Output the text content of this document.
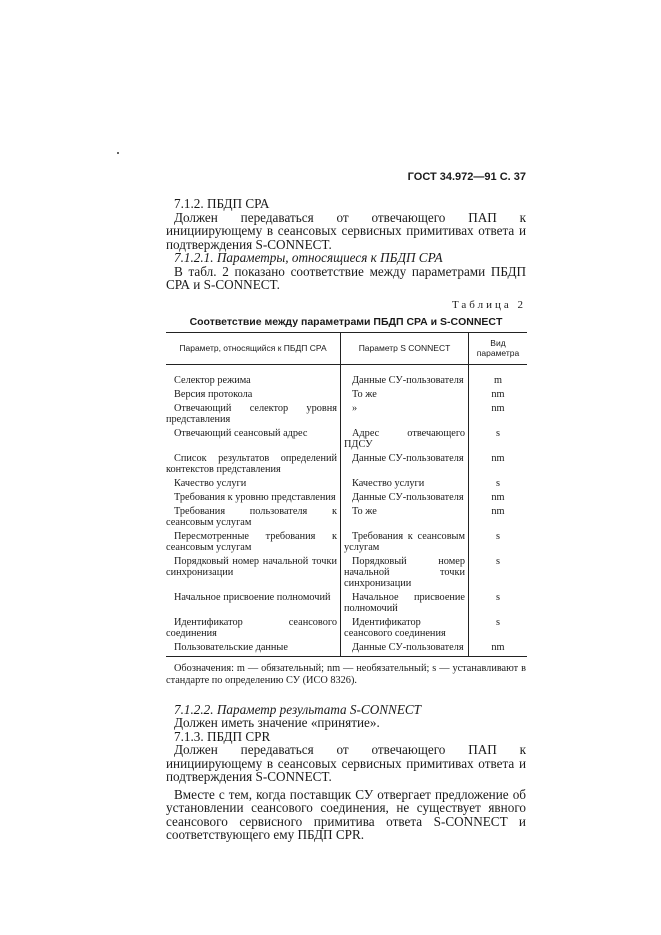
ГОСТ 34.972—91 С. 37

7.1.2. ПБДП СРА

Должен передаваться от отвечающего ПАП к инициирующему в сеансовых сервисных примитивах ответа и подтверждения S-CONNECT.

7.1.2.1. Параметры, относящиеся к ПБДП СРА

В табл. 2 показано соответствие между параметрами ПБДП СРА и S-CONNECT.

Таблица 2
Соответствие между параметрами ПБДП СРА и S-CONNECT
Параметр, относящийся к ПБДП СРА	Параметр S CONNECT	Вид параметра
Селектор режима	Данные СУ-пользователя	m
Версия протокола	То же	nm
Отвечающий селектор уровня представления	»	nm
Отвечающий сеансовый адрес	Адрес отвечающего ПДСУ	s
Список результатов определений контекстов представления	Данные СУ-пользователя	nm
Качество услуги	Качество услуги	s
Требования к уровню представления	Данные СУ-пользователя	nm
Требования пользователя к сеансовым услугам	То же	nm
Пересмотренные требования к сеансовым услугам	Требования к сеансовым услугам	s
Порядковый номер начальной точки синхронизации	Порядковый номер начальной точки синхронизации	s
Начальное присвоение полномочий	Начальное присвоение полномочий	s
Идентификатор сеансового соединения	Идентификатор сеансового соединения	s
Пользовательские данные	Данные СУ-пользователя	nm
Обозначения: m — обязательный; nm — необязательный; s — устанавливают в стандарте по определению СУ (ИСО 8326).

7.1.2.2. Параметр результата S-CONNECT

Должен иметь значение «принятие».

7.1.3. ПБДП CPR

Должен передаваться от отвечающего ПАП к инициирующему в сеансовых сервисных примитивах ответа и подтверждения S-CONNECT.

Вместе с тем, когда поставщик СУ отвергает предложение об установлении сеансового соединения, не существует явного сеансового сервисного примитива ответа S-CONNECT и соответствующего ему ПБДП CPR.
